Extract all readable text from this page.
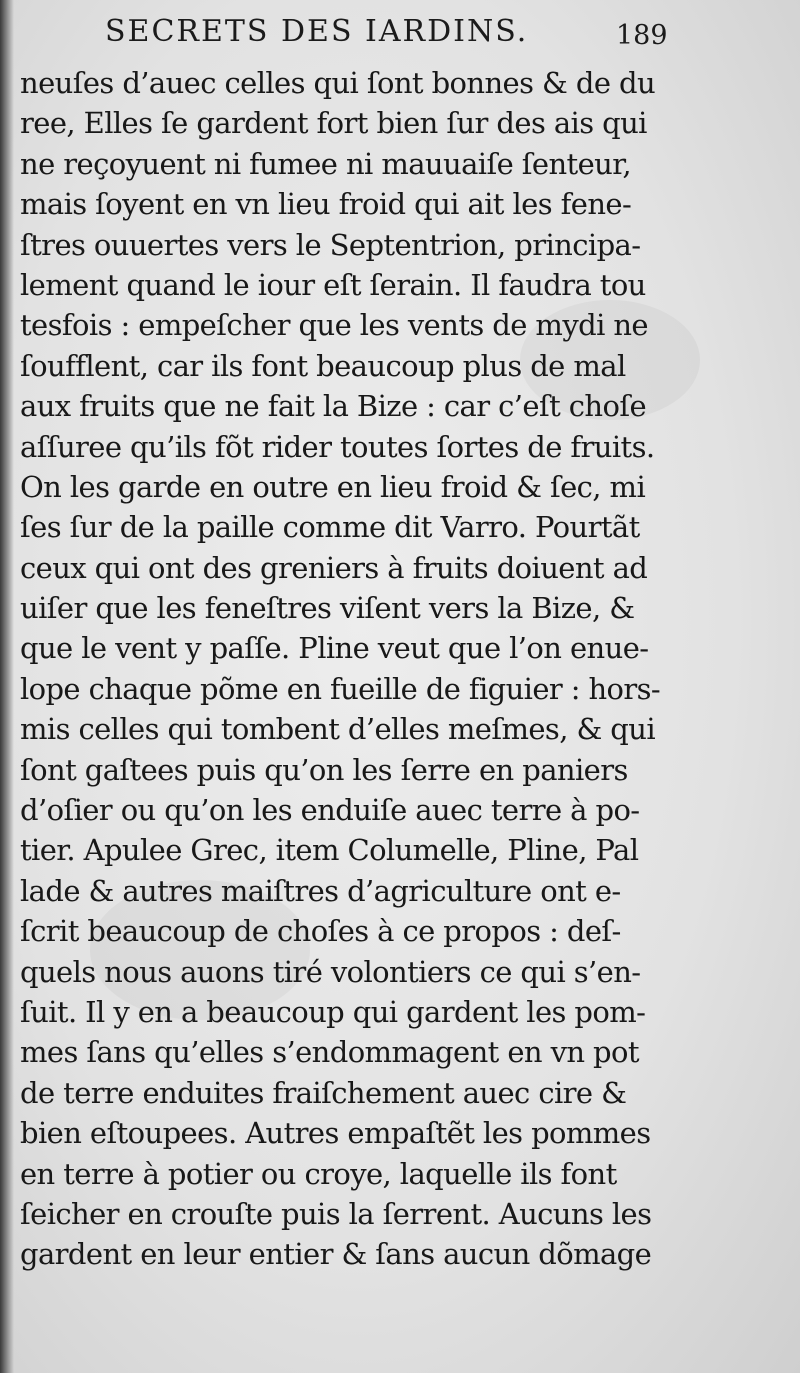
SECRETS DES IARDINS.	189
neuſes d’auec celles qui ſont bonnes & de du
ree, Elles ſe gardent fort bien ſur des ais qui
ne reçoyuent ni fumee ni mauuaiſe ſenteur,
mais ſoyent en vn lieu froid qui ait les fene-
ſtres ouuertes vers le Septentrion, principa-
lement quand le iour eſt ſerain. Il faudra tou
tesfois : empeſcher que les vents de mydi ne
ſoufflent, car ils font beaucoup plus de mal
aux fruits que ne fait la Bize : car c’eſt choſe
aſſuree qu’ils fõt rider toutes ſortes de fruits.
On les garde en outre en lieu froid & ſec, mi
ſes ſur de la paille comme dit Varro. Pourtãt
ceux qui ont des greniers à fruits doiuent ad
uiſer que les feneſtres viſent vers la Bize, &
que le vent y paſſe. Pline veut que l’on enue-
lope chaque põme en fueille de figuier : hors-
mis celles qui tombent d’elles meſmes, & qui
ſont gaſtees puis qu’on les ſerre en paniers
d’oſier ou qu’on les enduiſe auec terre à po-
tier. Apulee Grec, item Columelle, Pline, Pal
lade & autres maiſtres d’agriculture ont e-
ſcrit beaucoup de choſes à ce propos : deſ-
quels nous auons tiré volontiers ce qui s’en-
ſuit. Il y en a beaucoup qui gardent les pom-
mes ſans qu’elles s’endommagent en vn pot
de terre enduites fraiſchement auec cire &
bien eſtoupees. Autres empaſtẽt les pommes
en terre à potier ou croye, laquelle ils font
ſeicher en crouſte puis la ſerrent. Aucuns les
gardent en leur entier & ſans aucun dõmage
